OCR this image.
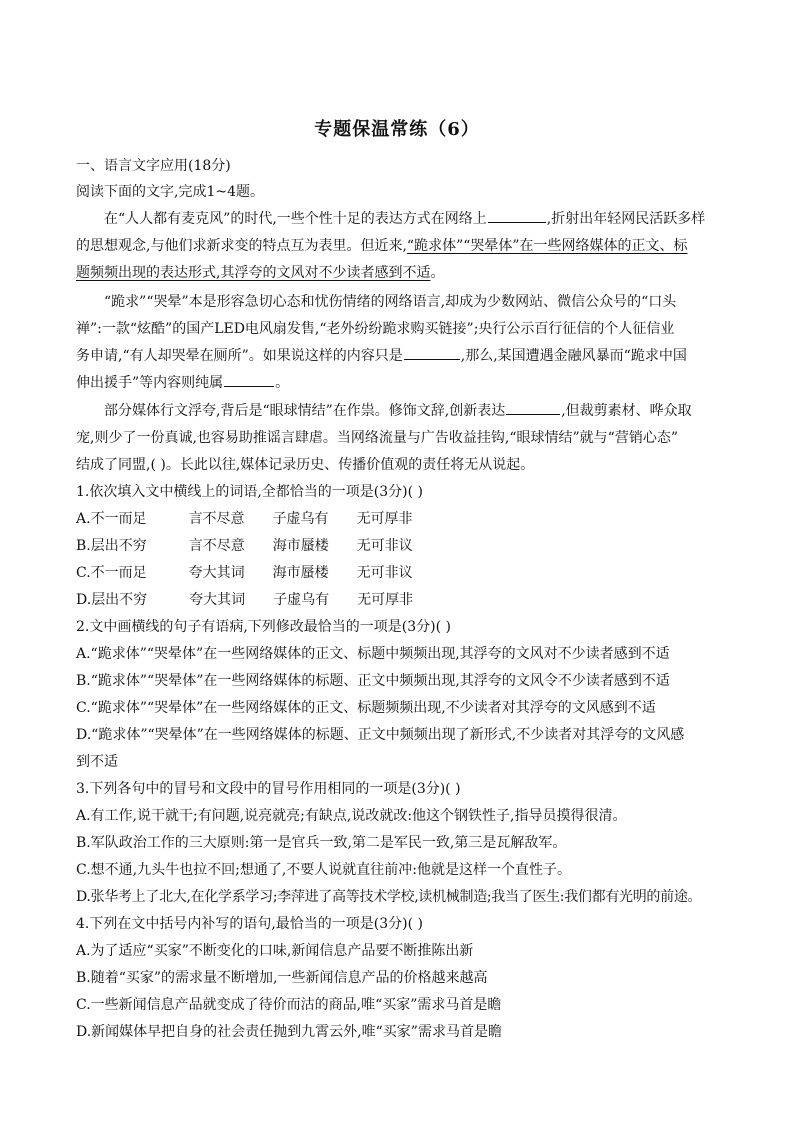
专题保温常练（6）
一、语言文字应用(18分)
阅读下面的文字,完成1~4题。
在“人人都有麦克风”的时代,一些个性十足的表达方式在网络上	,折射出年轻网民活跃多样
的思想观念,与他们求新求变的特点互为表里。但近来,“跪求体”“哭晕体”在一些网络媒体的正文、标
题频频出现的表达形式,其浮夸的文风对不少读者感到不适。
“跪求”“哭晕”本是形容急切心态和忧伤情绪的网络语言,却成为少数网站、微信公众号的“口头
禅”:一款“炫酷”的国产LED电风扇发售,“老外纷纷跪求购买链接”;央行公示百行征信的个人征信业
务申请,“有人却哭晕在厕所”。如果说这样的内容只是	,那么,某国遭遇金融风暴而“跪求中国
伸出援手”等内容则纯属	。
部分媒体行文浮夸,背后是“眼球情结”在作祟。修饰文辞,创新表达	,但裁剪素材、哗众取
宠,则少了一份真诚,也容易助推谣言肆虐。当网络流量与广告收益挂钩,“眼球情结”就与“营销心态”
结成了同盟,( )。长此以往,媒体记录历史、传播价值观的责任将无从说起。
1.依次填入文中横线上的词语,全都恰当的一项是(3分)( )
A.不一而足	言不尽意 子虚乌有 无可厚非
B.层出不穷	言不尽意 海市蜃楼 无可非议
C.不一而足	夸大其词 海市蜃楼 无可非议
D.层出不穷	夸大其词 子虚乌有 无可厚非
2.文中画横线的句子有语病,下列修改最恰当的一项是(3分)( )
A.“跪求体”“哭晕体”在一些网络媒体的正文、标题中频频出现,其浮夸的文风对不少读者感到不适
B.“跪求体”“哭晕体”在一些网络媒体的标题、正文中频频出现,其浮夸的文风令不少读者感到不适
C.“跪求体”“哭晕体”在一些网络媒体的正文、标题频频出现,不少读者对其浮夸的文风感到不适
D.“跪求体”“哭晕体”在一些网络媒体的标题、正文中频频出现了新形式,不少读者对其浮夸的文风感
到不适
3.下列各句中的冒号和文段中的冒号作用相同的一项是(3分)( )
A.有工作,说干就干;有问题,说亮就亮;有缺点,说改就改:他这个钢铁性子,指导员摸得很清。
B.军队政治工作的三大原则:第一是官兵一致,第二是军民一致,第三是瓦解敌军。
C.想不通,九头牛也拉不回;想通了,不要人说就直往前冲:他就是这样一个直性子。
D.张华考上了北大,在化学系学习;李萍进了高等技术学校,读机械制造;我当了医生:我们都有光明的前途。
4.下列在文中括号内补写的语句,最恰当的一项是(3分)( )
A.为了适应“买家”不断变化的口味,新闻信息产品要不断推陈出新
B.随着“买家”的需求量不断增加,一些新闻信息产品的价格越来越高
C.一些新闻信息产品就变成了待价而沽的商品,唯“买家”需求马首是瞻
D.新闻媒体早把自身的社会责任抛到九霄云外,唯“买家”需求马首是瞻
